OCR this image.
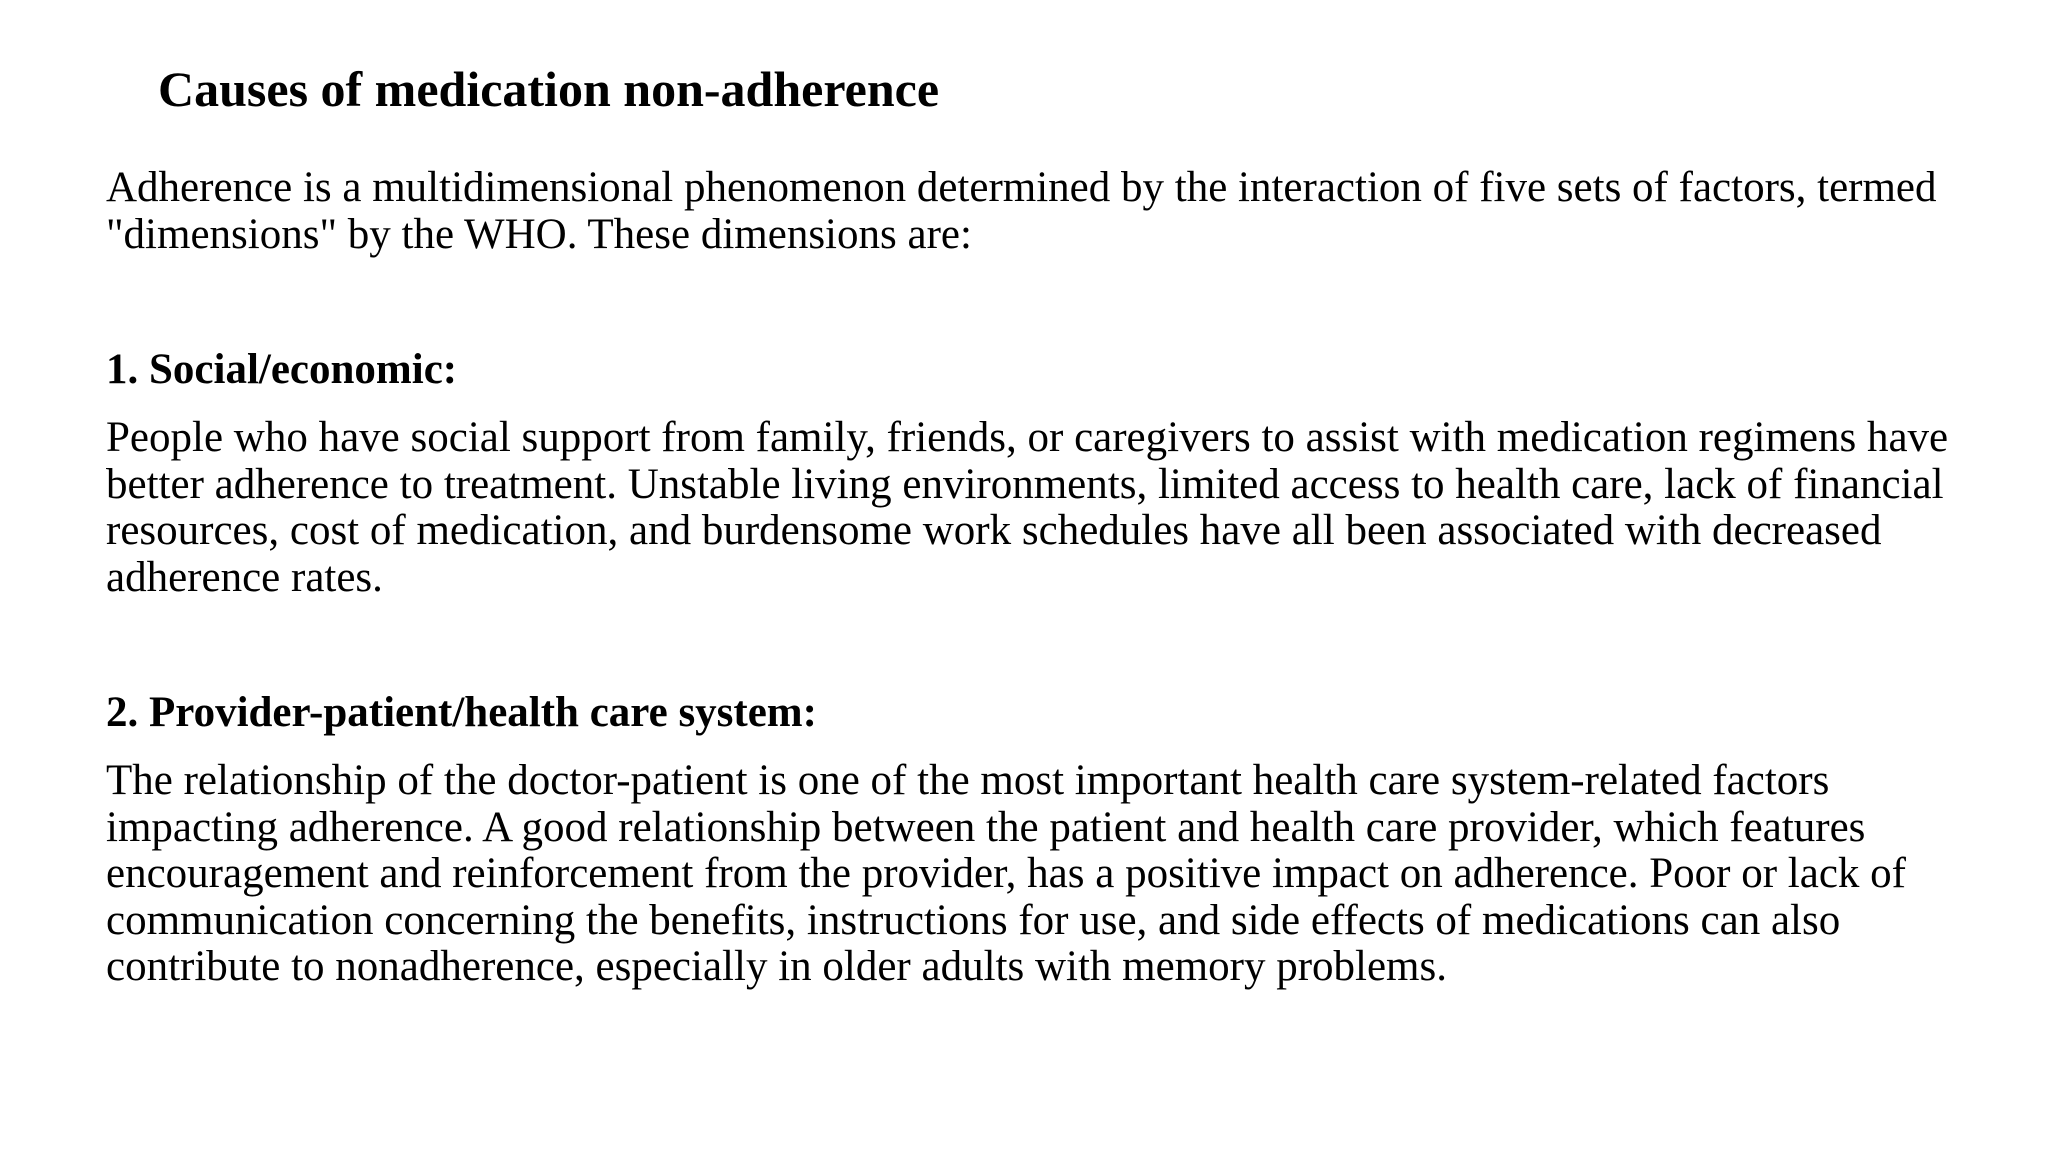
Causes of medication non-adherence

Adherence is a multidimensional phenomenon determined by the interaction of five sets of factors, termed
"dimensions" by the WHO. These dimensions are:

1. Social/economic:

People who have social support from family, friends, or caregivers to assist with medication regimens have
better adherence to treatment. Unstable living environments, limited access to health care, lack of financial
resources, cost of medication, and burdensome work schedules have all been associated with decreased
adherence rates.

2. Provider-patient/health care system:

The relationship of the doctor-patient is one of the most important health care system-related factors
impacting adherence. A good relationship between the patient and health care provider, which features
encouragement and reinforcement from the provider, has a positive impact on adherence. Poor or lack of
communication concerning the benefits, instructions for use, and side effects of medications can also
contribute to nonadherence, especially in older adults with memory problems.
